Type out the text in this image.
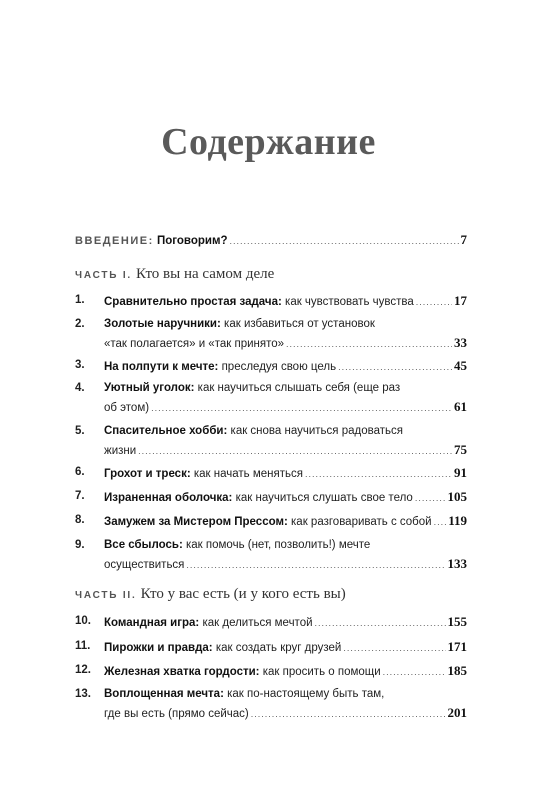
Содержание
ВВЕДЕНИЕ: Поговорим? .....	7
ЧАСТЬ I. Кто вы на самом деле
1.	Сравнительно простая задача: как чувствовать чувства .....	17
2.	Золотые наручники: как избавиться от установок
«так полагается» и «так принято» .....	33
3.	На полпути к мечте: преследуя свою цель .....	45
4.	Уютный уголок: как научиться слышать себя (еще раз
об этом) .....	61
5.	Спасительное хобби: как снова научиться радоваться
жизни .....	75
6.	Грохот и треск: как начать меняться .....	91
7.	Израненная оболочка: как научиться слушать свое тело .....	105
8.	Замужем за Мистером Прессом: как разговаривать с собой ..... 119
9.	Все сбылось: как помочь (нет, позволить!) мечте
осуществиться .....	133
ЧАСТЬ II. Кто у вас есть (и у кого есть вы)
10.	Командная игра: как делиться мечтой .....	155
11.	Пирожки и правда: как создать круг друзей .....	171
12.	Железная хватка гордости: как просить о помощи .....	185
13.	Воплощенная мечта: как по-настоящему быть там,
где вы есть (прямо сейчас) .....	201
